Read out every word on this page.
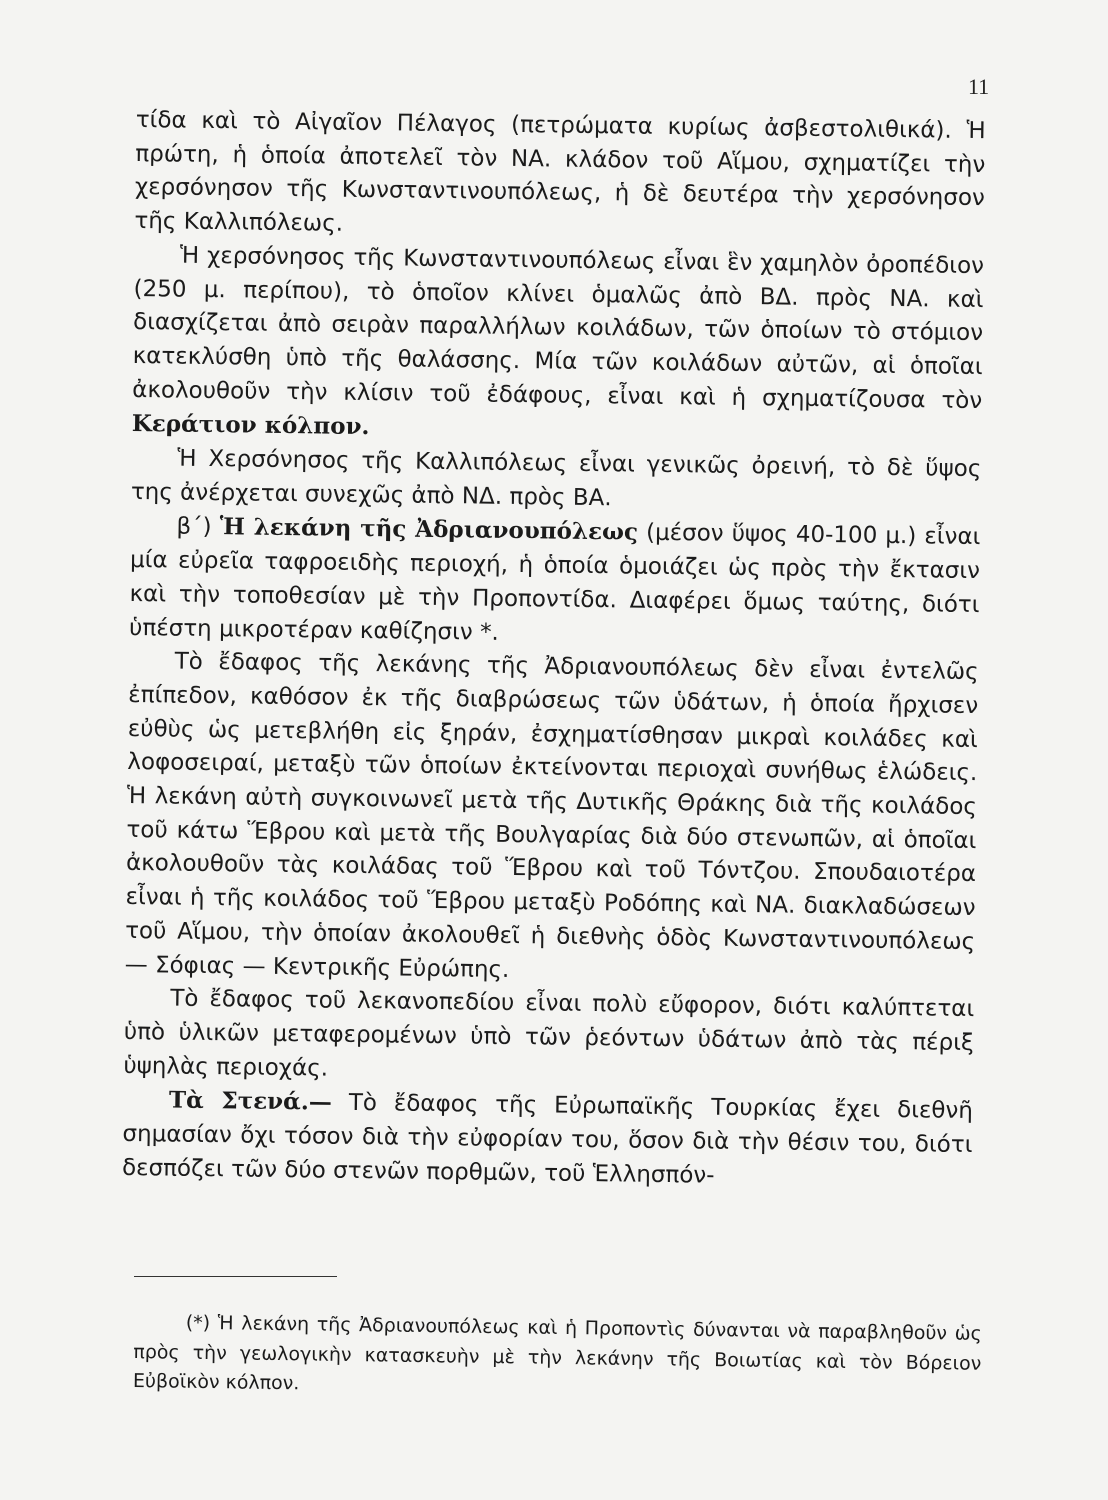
11

τίδα καὶ τὸ Αἰγαῖον Πέλαγος (πετρώματα κυρίως ἀσβεστολιθικά). Ἡ πρώτη, ἡ ὁποία ἀποτελεῖ τὸν ΝΑ. κλάδον τοῦ Αἵμου, σχηματίζει τὴν χερσόνησον τῆς Κωνσταντινουπόλεως, ἡ δὲ δευτέρα τὴν χερσόνησον τῆς Καλλιπόλεως.

Ἡ χερσόνησος τῆς Κωνσταντινουπόλεως εἶναι ἓν χαμηλὸν ὀροπέδιον (250 μ. περίπου), τὸ ὁποῖον κλίνει ὁμαλῶς ἀπὸ ΒΔ. πρὸς ΝΑ. καὶ διασχίζεται ἀπὸ σειρὰν παραλλήλων κοιλάδων, τῶν ὁποίων τὸ στόμιον κατεκλύσθη ὑπὸ τῆς θαλάσσης. Μία τῶν κοιλάδων αὐτῶν, αἱ ὁποῖαι ἀκολουθοῦν τὴν κλίσιν τοῦ ἐδάφους, εἶναι καὶ ἡ σχηματίζουσα τὸν Κεράτιον κόλπον.

Ἡ Χερσόνησος τῆς Καλλιπόλεως εἶναι γενικῶς ὀρεινή, τὸ δὲ ὕψος της ἀνέρχεται συνεχῶς ἀπὸ ΝΔ. πρὸς ΒΑ.

β΄) Ἡ λεκάνη τῆς Ἀδριανουπόλεως (μέσον ὕψος 40-100 μ.) εἶναι μία εὐρεῖα ταφροειδὴς περιοχή, ἡ ὁποία ὁμοιάζει ὡς πρὸς τὴν ἔκτασιν καὶ τὴν τοποθεσίαν μὲ τὴν Προποντίδα. Διαφέρει ὅμως ταύτης, διότι ὑπέστη μικροτέραν καθίζησιν *.

Τὸ ἔδαφος τῆς λεκάνης τῆς Ἀδριανουπόλεως δὲν εἶναι ἐντελῶς ἐπίπεδον, καθόσον ἐκ τῆς διαβρώσεως τῶν ὑδάτων, ἡ ὁποία ἤρχισεν εὐθὺς ὡς μετεβλήθη εἰς ξηράν, ἐσχηματίσθησαν μικραὶ κοιλάδες καὶ λοφοσειραί, μεταξὺ τῶν ὁποίων ἐκτείνονται περιοχαὶ συνήθως ἑλώδεις. Ἡ λεκάνη αὐτὴ συγκοινωνεῖ μετὰ τῆς Δυτικῆς Θράκης διὰ τῆς κοιλάδος τοῦ κάτω Ἕβρου καὶ μετὰ τῆς Βουλγαρίας διὰ δύο στενωπῶν, αἱ ὁποῖαι ἀκολουθοῦν τὰς κοιλάδας τοῦ Ἕβρου καὶ τοῦ Τόντζου. Σπουδαιοτέρα εἶναι ἡ τῆς κοιλάδος τοῦ Ἕβρου μεταξὺ Ροδόπης καὶ ΝΑ. διακλαδώσεων τοῦ Αἵμου, τὴν ὁποίαν ἀκολουθεῖ ἡ διεθνὴς ὁδὸς Κωνσταντινουπόλεως — Σόφιας — Κεντρικῆς Εὐρώπης.

Τὸ ἔδαφος τοῦ λεκανοπεδίου εἶναι πολὺ εὔφορον, διότι καλύπτεται ὑπὸ ὑλικῶν μεταφερομένων ὑπὸ τῶν ῥεόντων ὑδάτων ἀπὸ τὰς πέριξ ὑψηλὰς περιοχάς.

Τὰ Στενά.— Τὸ ἔδαφος τῆς Εὐρωπαϊκῆς Τουρκίας ἔχει διεθνῆ σημασίαν ὄχι τόσον διὰ τὴν εὐφορίαν του, ὅσον διὰ τὴν θέσιν του, διότι δεσπόζει τῶν δύο στενῶν πορθμῶν, τοῦ Ἑλλησπόν-

(*) Ἡ λεκάνη τῆς Ἀδριανουπόλεως καὶ ἡ Προποντὶς δύνανται νὰ παραβληθοῦν ὡς πρὸς τὴν γεωλογικὴν κατασκευὴν μὲ τὴν λεκάνην τῆς Βοιωτίας καὶ τὸν Βόρειον Εὐβοϊκὸν κόλπον.
